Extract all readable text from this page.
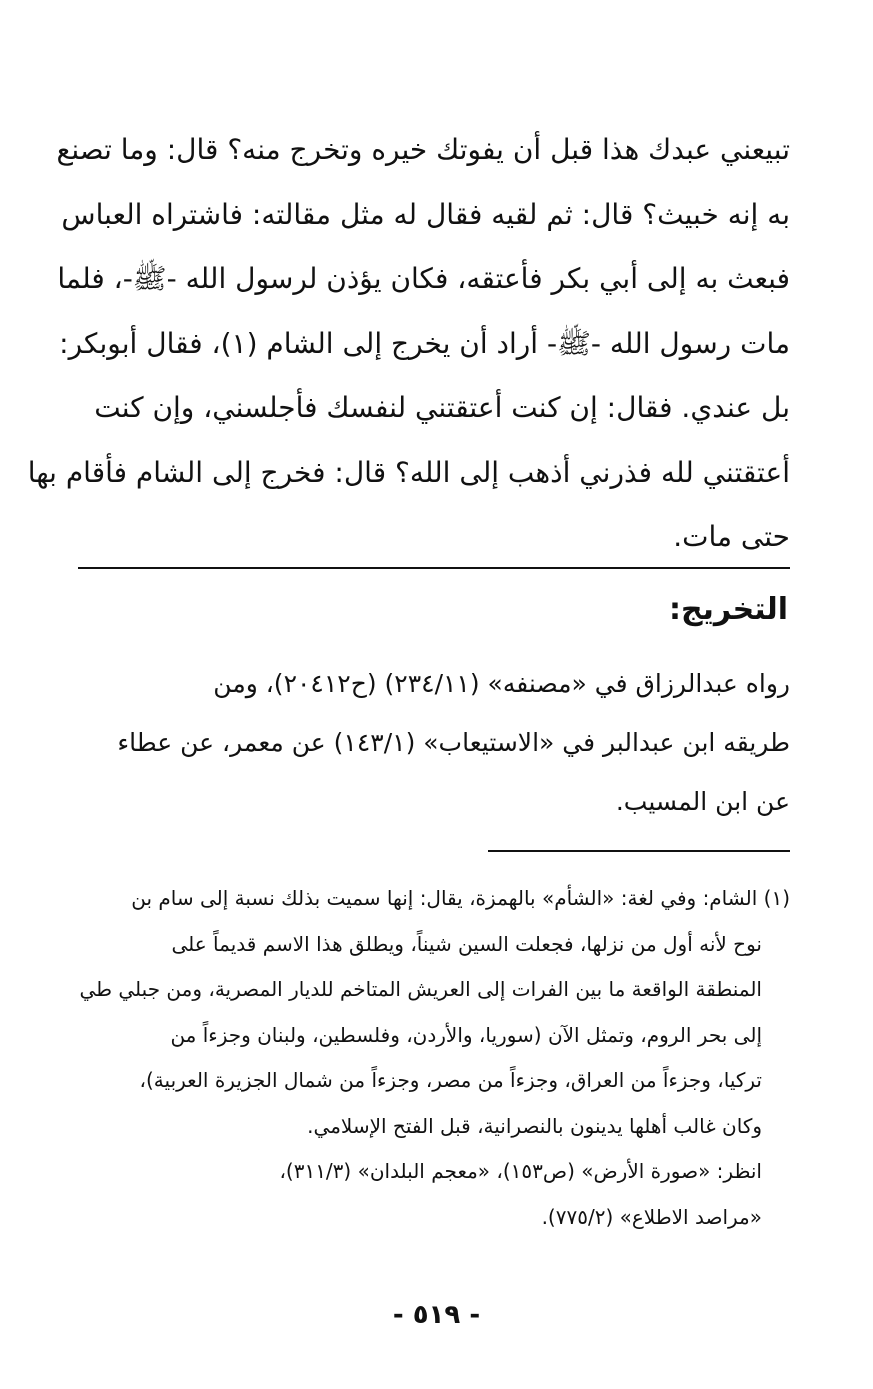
تبيعني عبدك هذا قبل أن يفوتك خيره وتخرج منه؟ قال: وما تصنع
به إنه خبيث؟ قال: ثم لقيه فقال له مثل مقالته: فاشتراه العباس
فبعث به إلى أبي بكر فأعتقه، فكان يؤذن لرسول الله -ﷺ-، فلما
مات رسول الله -ﷺ- أراد أن يخرج إلى الشام (١)، فقال أبوبكر:
بل عندي. فقال: إن كنت أعتقتني لنفسك فأجلسني، وإن كنت
أعتقتني لله فذرني أذهب إلى الله؟ قال: فخرج إلى الشام فأقام بها
حتى مات.
التخريج:
رواه عبدالرزاق في «مصنفه» (٢٣٤/١١) (ح٢٠٤١٢)، ومن
طريقه ابن عبدالبر في «الاستيعاب» (١٤٣/١) عن معمر، عن عطاء
عن ابن المسيب.
(١) الشام: وفي لغة: «الشأم» بالهمزة، يقال: إنها سميت بذلك نسبة إلى سام بن
نوح لأنه أول من نزلها، فجعلت السين شيناً، ويطلق هذا الاسم قديماً على
المنطقة الواقعة ما بين الفرات إلى العريش المتاخم للديار المصرية، ومن جبلي طي
إلى بحر الروم، وتمثل الآن (سوريا، والأردن، وفلسطين، ولبنان وجزءاً من
تركيا، وجزءاً من العراق، وجزءاً من مصر، وجزءاً من شمال الجزيرة العربية)،
وكان غالب أهلها يدينون بالنصرانية، قبل الفتح الإسلامي.
انظر: «صورة الأرض» (ص١٥٣)، «معجم البلدان» (٣١١/٣)،
«مراصد الاطلاع» (٧٧٥/٢).
- ٥١٩ -
